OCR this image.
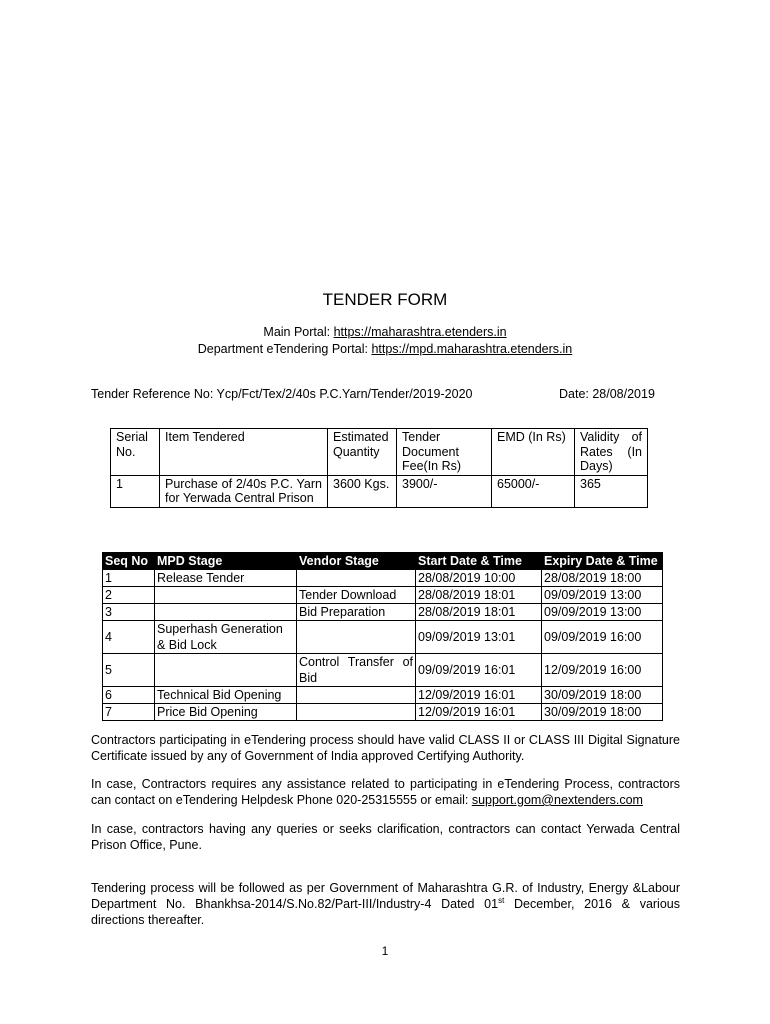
TENDER FORM
Main Portal: https://maharashtra.etenders.in
Department eTendering Portal: https://mpd.maharashtra.etenders.in
Tender Reference No: Ycp/Fct/Tex/2/40s P.C.Yarn/Tender/2019-2020	Date: 28/08/2019
Serial No.	Item Tendered	Estimated Quantity	Tender Document Fee(In Rs)	EMD (In Rs)	Validity of Rates (In Days)
1	Purchase of 2/40s P.C. Yarn for Yerwada Central Prison	3600 Kgs.	3900/-	65000/-	365
Seq No	MPD Stage	Vendor Stage	Start Date & Time	Expiry Date & Time
1	Release Tender		28/08/2019 10:00	28/08/2019 18:00
2		Tender Download	28/08/2019 18:01	09/09/2019 13:00
3		Bid Preparation	28/08/2019 18:01	09/09/2019 13:00
4	Superhash Generation & Bid Lock		09/09/2019 13:01	09/09/2019 16:00
5		Control Transfer of Bid	09/09/2019 16:01	12/09/2019 16:00
6	Technical Bid Opening		12/09/2019 16:01	30/09/2019 18:00
7	Price Bid Opening		12/09/2019 16:01	30/09/2019 18:00
Contractors participating in eTendering process should have valid CLASS II or CLASS III Digital Signature Certificate issued by any of Government of India approved Certifying Authority.
In case, Contractors requires any assistance related to participating in eTendering Process, contractors can contact on eTendering Helpdesk Phone 020-25315555 or email: support.gom@nextenders.com
In case, contractors having any queries or seeks clarification, contractors can contact Yerwada Central Prison Office, Pune.
Tendering process will be followed as per Government of Maharashtra G.R. of Industry, Energy &Labour Department No. Bhankhsa-2014/S.No.82/Part-III/Industry-4 Dated 01st December, 2016 & various directions thereafter.
1
